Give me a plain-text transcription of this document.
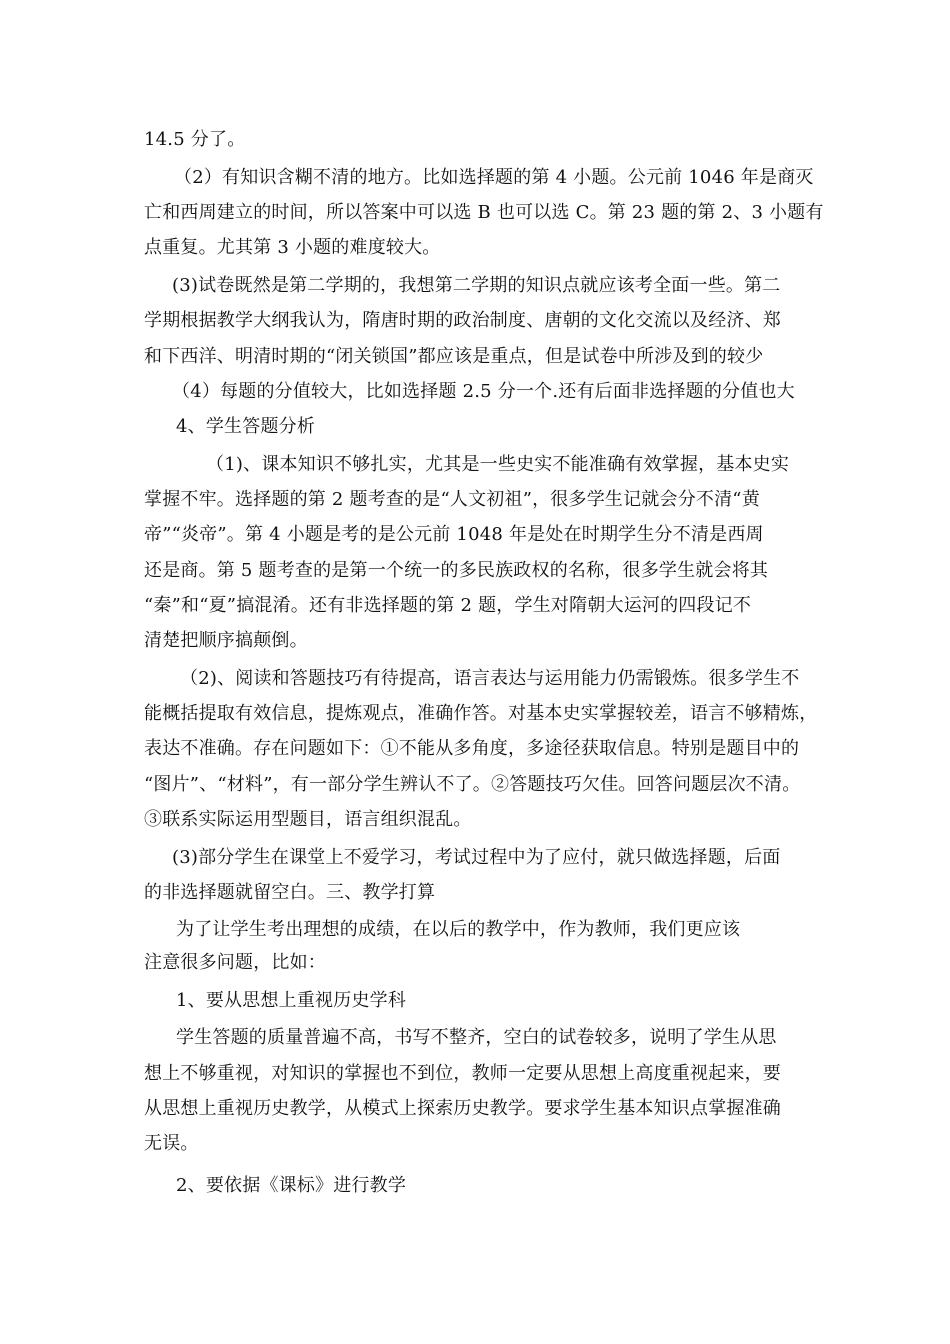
14.5 分了。
（2）有知识含糊不清的地方。比如选择题的第 4 小题。公元前 1046 年是商灭
亡和西周建立的时间，所以答案中可以选 B 也可以选 C。第 23 题的第 2、3 小题有
点重复。尤其第 3 小题的难度较大。
(3)试卷既然是第二学期的，我想第二学期的知识点就应该考全面一些。第二
学期根据教学大纲我认为，隋唐时期的政治制度、唐朝的文化交流以及经济、郑
和下西洋、明清时期的“闭关锁国”都应该是重点，但是试卷中所涉及到的较少
（4）每题的分值较大，比如选择题 2.5 分一个.还有后面非选择题的分值也大
4、学生答题分析
（1)、课本知识不够扎实，尤其是一些史实不能准确有效掌握，基本史实
掌握不牢。选择题的第 2 题考查的是“人文初祖”，很多学生记就会分不清“黄
帝”“炎帝”。第 4 小题是考的是公元前 1048 年是处在时期学生分不清是西周
还是商。第 5 题考查的是第一个统一的多民族政权的名称，很多学生就会将其
“秦”和“夏”搞混淆。还有非选择题的第 2 题，学生对隋朝大运河的四段记不
清楚把顺序搞颠倒。
（2)、阅读和答题技巧有待提高，语言表达与运用能力仍需锻炼。很多学生不
能概括提取有效信息，提炼观点，准确作答。对基本史实掌握较差，语言不够精炼，
表达不准确。存在问题如下：①不能从多角度，多途径获取信息。特别是题目中的
“图片”、“材料”，有一部分学生辨认不了。②答题技巧欠佳。回答问题层次不清。
③联系实际运用型题目，语言组织混乱。
(3)部分学生在课堂上不爱学习，考试过程中为了应付，就只做选择题，后面
的非选择题就留空白。三、教学打算
为了让学生考出理想的成绩，在以后的教学中，作为教师，我们更应该
注意很多问题，比如：
1、要从思想上重视历史学科
学生答题的质量普遍不高，书写不整齐，空白的试卷较多，说明了学生从思
想上不够重视，对知识的掌握也不到位，教师一定要从思想上高度重视起来，要
从思想上重视历史教学，从模式上探索历史教学。要求学生基本知识点掌握准确
无误。
2、要依据《课标》进行教学
